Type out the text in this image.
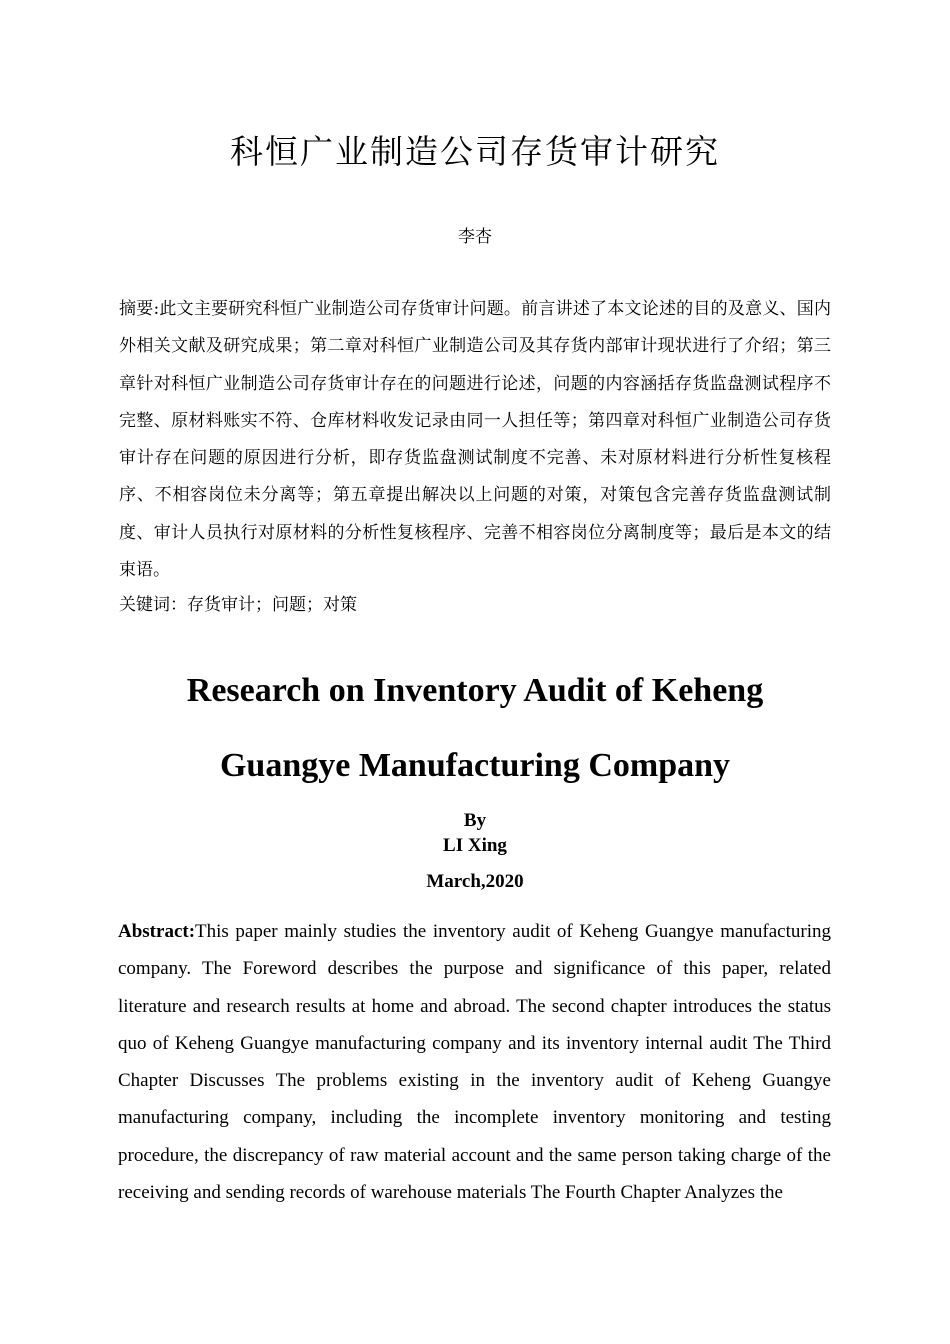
科恒广业制造公司存货审计研究
李杏

摘要:此文主要研究科恒广业制造公司存货审计问题。前言讲述了本文论述的目的及意义、国内外相关文献及研究成果；第二章对科恒广业制造公司及其存货内部审计现状进行了介绍；第三章针对科恒广业制造公司存货审计存在的问题进行论述，问题的内容涵括存货监盘测试程序不完整、原材料账实不符、仓库材料收发记录由同一人担任等；第四章对科恒广业制造公司存货审计存在问题的原因进行分析，即存货监盘测试制度不完善、未对原材料进行分析性复核程序、不相容岗位未分离等；第五章提出解决以上问题的对策，对策包含完善存货监盘测试制度、审计人员执行对原材料的分析性复核程序、完善不相容岗位分离制度等；最后是本文的结束语。

关键词：存货审计；问题；对策

Research on Inventory Audit of Keheng
Guangye Manufacturing Company
By
LI Xing
March,2020

Abstract:This paper mainly studies the inventory audit of Keheng Guangye manufacturing company. The Foreword describes the purpose and significance of this paper, related literature and research results at home and abroad. The second chapter introduces the status quo of Keheng Guangye manufacturing company and its inventory internal audit The Third Chapter Discusses The problems existing in the inventory audit of Keheng Guangye manufacturing company, including the incomplete inventory monitoring and testing procedure, the discrepancy of raw material account and the same person taking charge of the receiving and sending records of warehouse materials The Fourth Chapter Analyzes the
